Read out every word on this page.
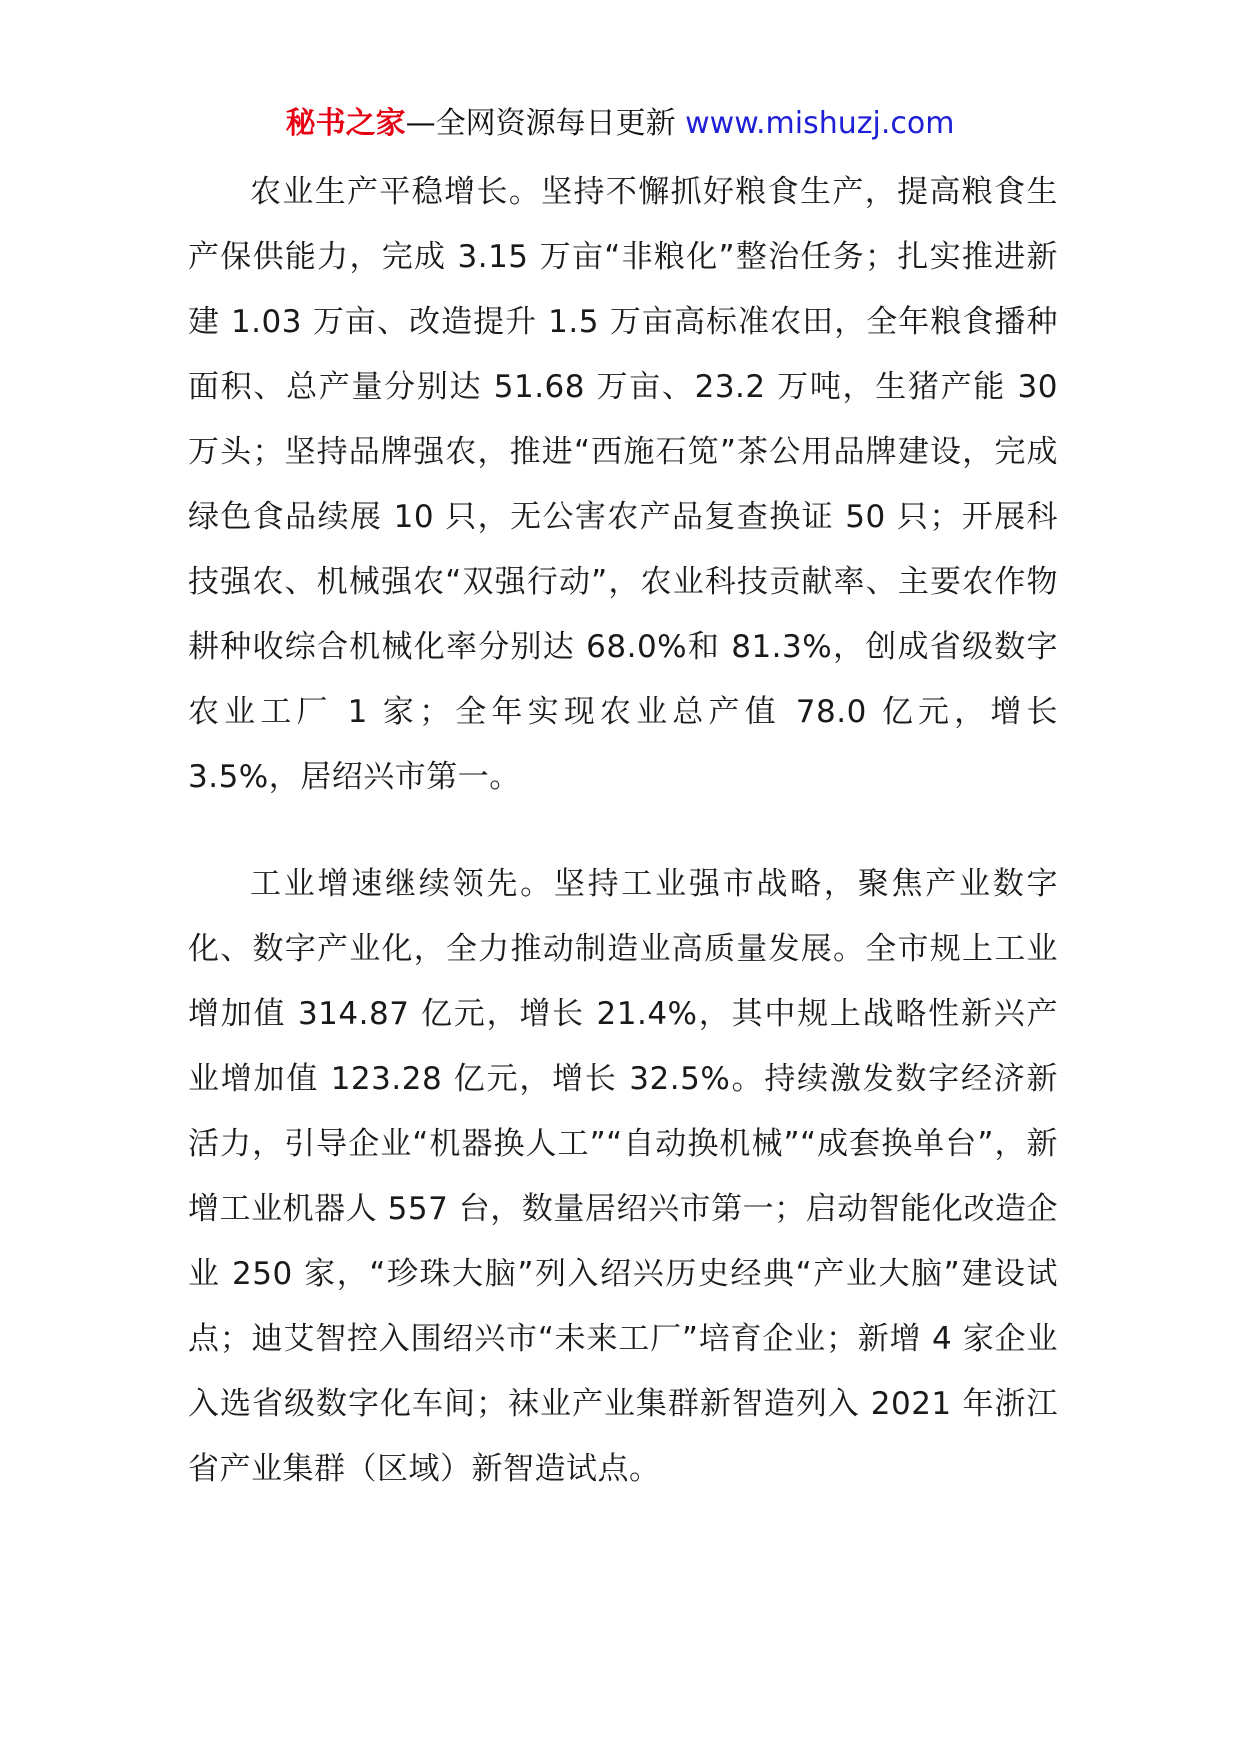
秘书之家—全网资源每日更新 www.mishuzj.com

农业生产平稳增长。坚持不懈抓好粮食生产，提高粮食生产保供能力，完成 3.15 万亩“非粮化”整治任务；扎实推进新建 1.03 万亩、改造提升 1.5 万亩高标准农田，全年粮食播种面积、总产量分别达 51.68 万亩、23.2 万吨，生猪产能 30 万头；坚持品牌强农，推进“西施石笕”茶公用品牌建设，完成绿色食品续展 10 只，无公害农产品复查换证 50 只；开展科技强农、机械强农“双强行动”，农业科技贡献率、主要农作物耕种收综合机械化率分别达 68.0%和 81.3%，创成省级数字农业工厂 1 家；全年实现农业总产值 78.0 亿元，增长 3.5%，居绍兴市第一。

工业增速继续领先。坚持工业强市战略，聚焦产业数字化、数字产业化，全力推动制造业高质量发展。全市规上工业增加值 314.87 亿元，增长 21.4%，其中规上战略性新兴产业增加值 123.28 亿元，增长 32.5%。持续激发数字经济新活力，引导企业“机器换人工”“自动换机械”“成套换单台”，新增工业机器人 557 台，数量居绍兴市第一；启动智能化改造企业 250 家，“珍珠大脑”列入绍兴历史经典“产业大脑”建设试点；迪艾智控入围绍兴市“未来工厂”培育企业；新增 4 家企业入选省级数字化车间；袜业产业集群新智造列入 2021 年浙江省产业集群（区域）新智造试点。
